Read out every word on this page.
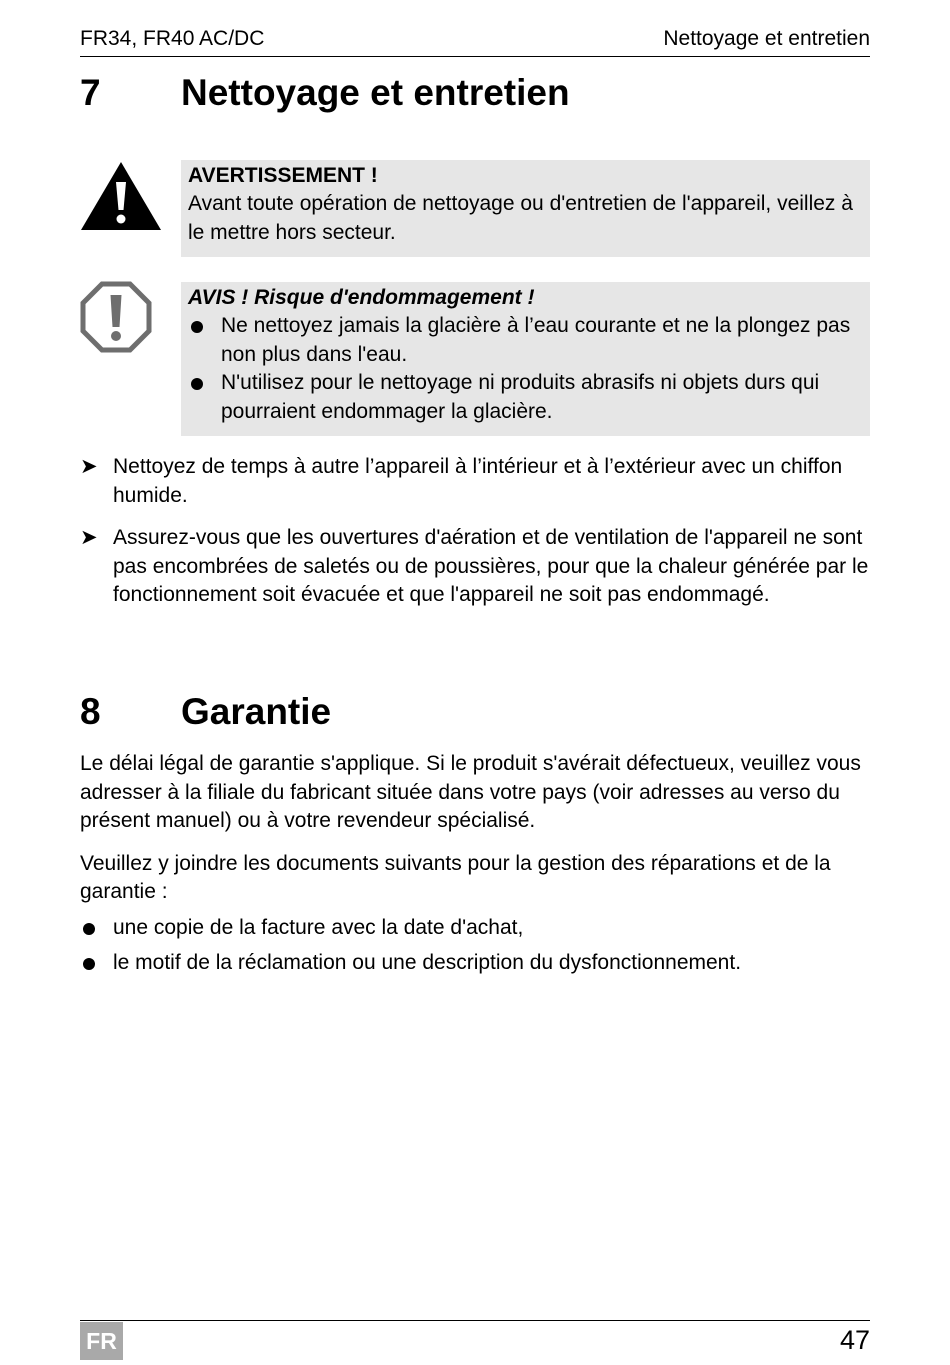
FR34, FR40 AC/DC	Nettoyage et entretien
7 Nettoyage et entretien
AVERTISSEMENT !
Avant toute opération de nettoyage ou d'entretien de l'appareil, veillez à le mettre hors secteur.
AVIS ! Risque d'endommagement !
Ne nettoyez jamais la glacière à l’eau courante et ne la plongez pas non plus dans l'eau.
N'utilisez pour le nettoyage ni produits abrasifs ni objets durs qui pourraient endommager la glacière.
➤ Nettoyez de temps à autre l’appareil à l’intérieur et à l’extérieur avec un chiffon humide.
➤ Assurez-vous que les ouvertures d'aération et de ventilation de l'appareil ne sont pas encombrées de saletés ou de poussières, pour que la chaleur générée par le fonctionnement soit évacuée et que l'appareil ne soit pas endommagé.
8 Garantie
Le délai légal de garantie s'applique. Si le produit s'avérait défectueux, veuillez vous adresser à la filiale du fabricant située dans votre pays (voir adresses au verso du présent manuel) ou à votre revendeur spécialisé.
Veuillez y joindre les documents suivants pour la gestion des réparations et de la garantie :
une copie de la facture avec la date d'achat,
le motif de la réclamation ou une description du dysfonctionnement.
FR	47
